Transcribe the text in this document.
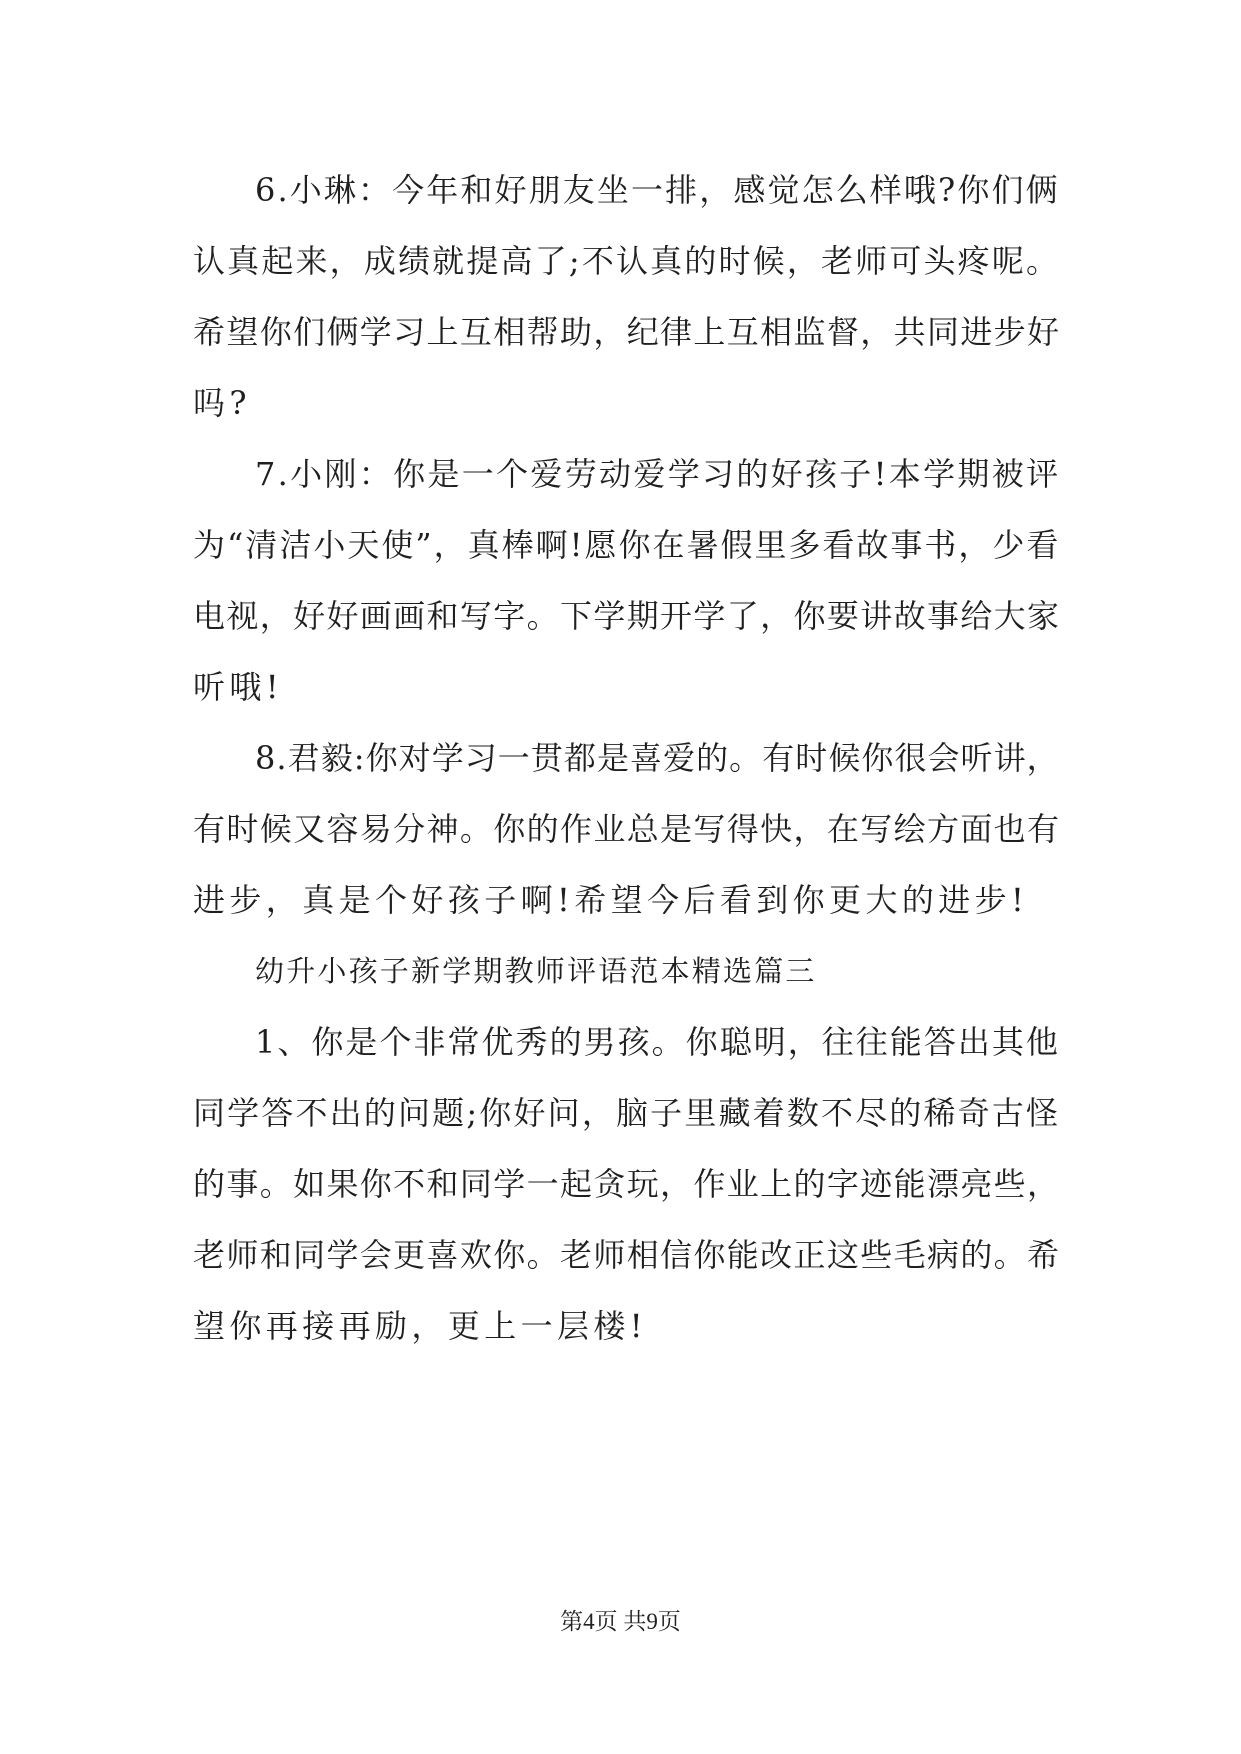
6.小琳：今年和好朋友坐一排，感觉怎么样哦?你们俩
认真起来，成绩就提高了;不认真的时候，老师可头疼呢。
希望你们俩学习上互相帮助，纪律上互相监督，共同进步好
吗?
7.小刚：你是一个爱劳动爱学习的好孩子!本学期被评
为“清洁小天使”，真棒啊!愿你在暑假里多看故事书，少看
电视，好好画画和写字。下学期开学了，你要讲故事给大家
听哦!
8.君毅:你对学习一贯都是喜爱的。有时候你很会听讲，
有时候又容易分神。你的作业总是写得快，在写绘方面也有
进步，真是个好孩子啊!希望今后看到你更大的进步!
幼升小孩子新学期教师评语范本精选篇三
1、你是个非常优秀的男孩。你聪明，往往能答出其他
同学答不出的问题;你好问，脑子里藏着数不尽的稀奇古怪
的事。如果你不和同学一起贪玩，作业上的字迹能漂亮些，
老师和同学会更喜欢你。老师相信你能改正这些毛病的。希
望你再接再励，更上一层楼!
第4页 共9页
